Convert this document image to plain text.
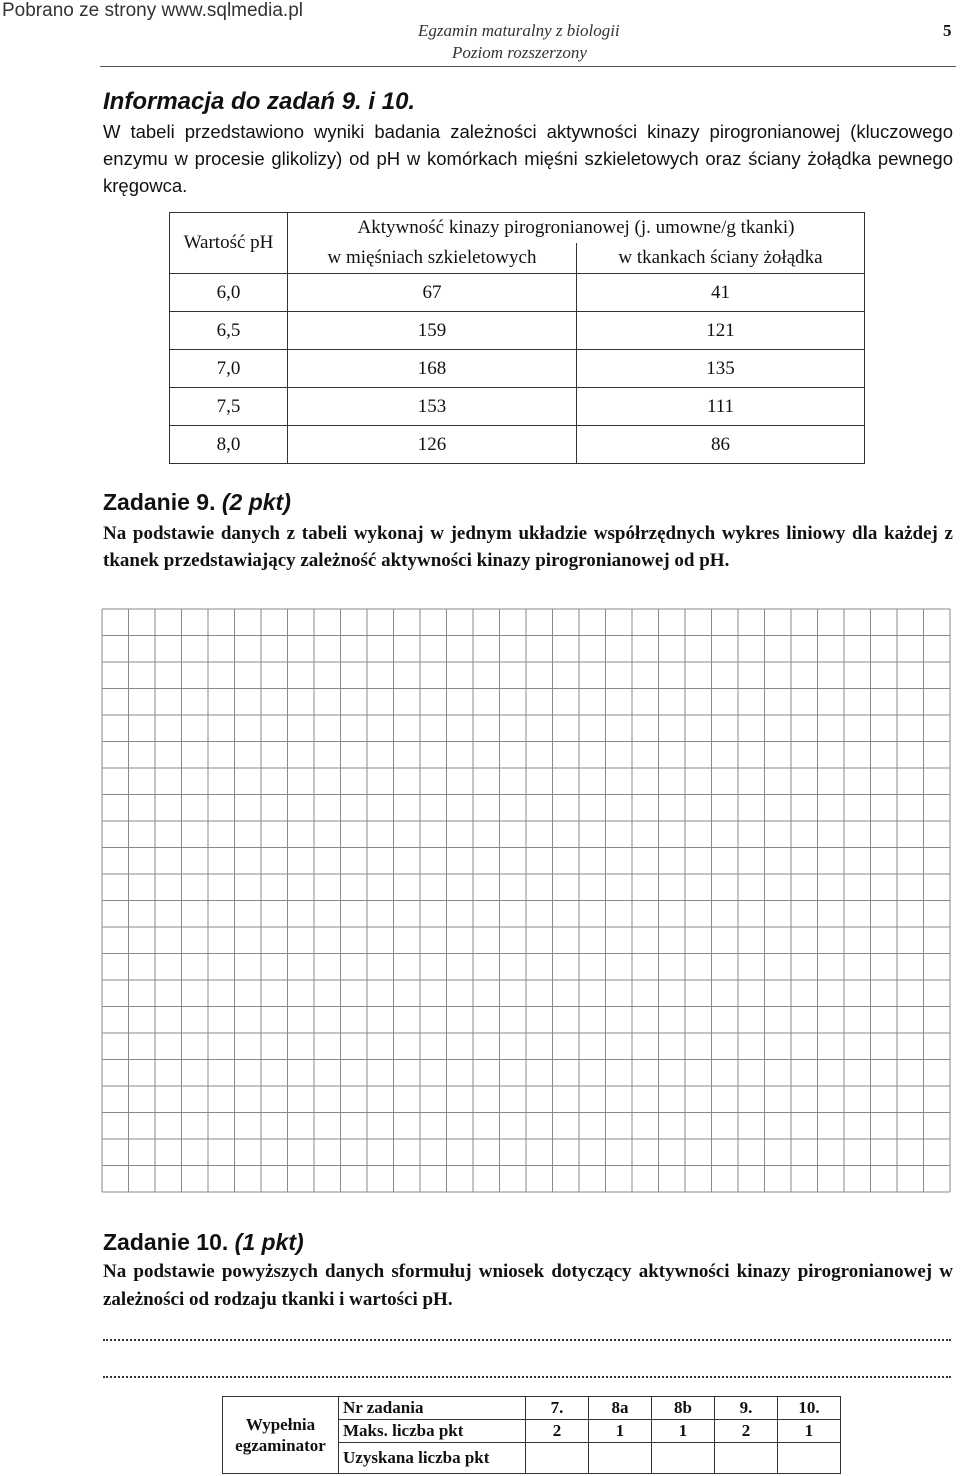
Pobrano ze strony www.sqlmedia.pl
Egzamin maturalny z biologii
Poziom rozszerzony
5
Informacja do zadań 9. i 10.
W tabeli przedstawiono wyniki badania zależności aktywności kinazy pirogronianowej (kluczowego enzymu w procesie glikolizy) od pH w komórkach mięśni szkieletowych oraz ściany żołądka pewnego kręgowca.
Wartość pH	Aktywność kinazy pirogronianowej (j. umowne/g tkanki)	
	w mięśniach szkieletowych	w tkankach ściany żołądka
6,0	67	41
6,5	159	121
7,0	168	135
7,5	153	111
8,0	126	86
Zadanie 9. (2 pkt)
Na podstawie danych z tabeli wykonaj w jednym układzie współrzędnych wykres liniowy dla każdej z tkanek przedstawiający zależność aktywności kinazy pirogronianowej od pH.
Zadanie 10. (1 pkt)
Na podstawie powyższych danych sformułuj wniosek dotyczący aktywności kinazy pirogronianowej w zależności od rodzaju tkanki i wartości pH.
Wypełnia egzaminator	Nr zadania	7.	8a	8b	9.	10.
	Maks. liczba pkt	2	1	1	2	1
	Uzyskana liczba pkt					
